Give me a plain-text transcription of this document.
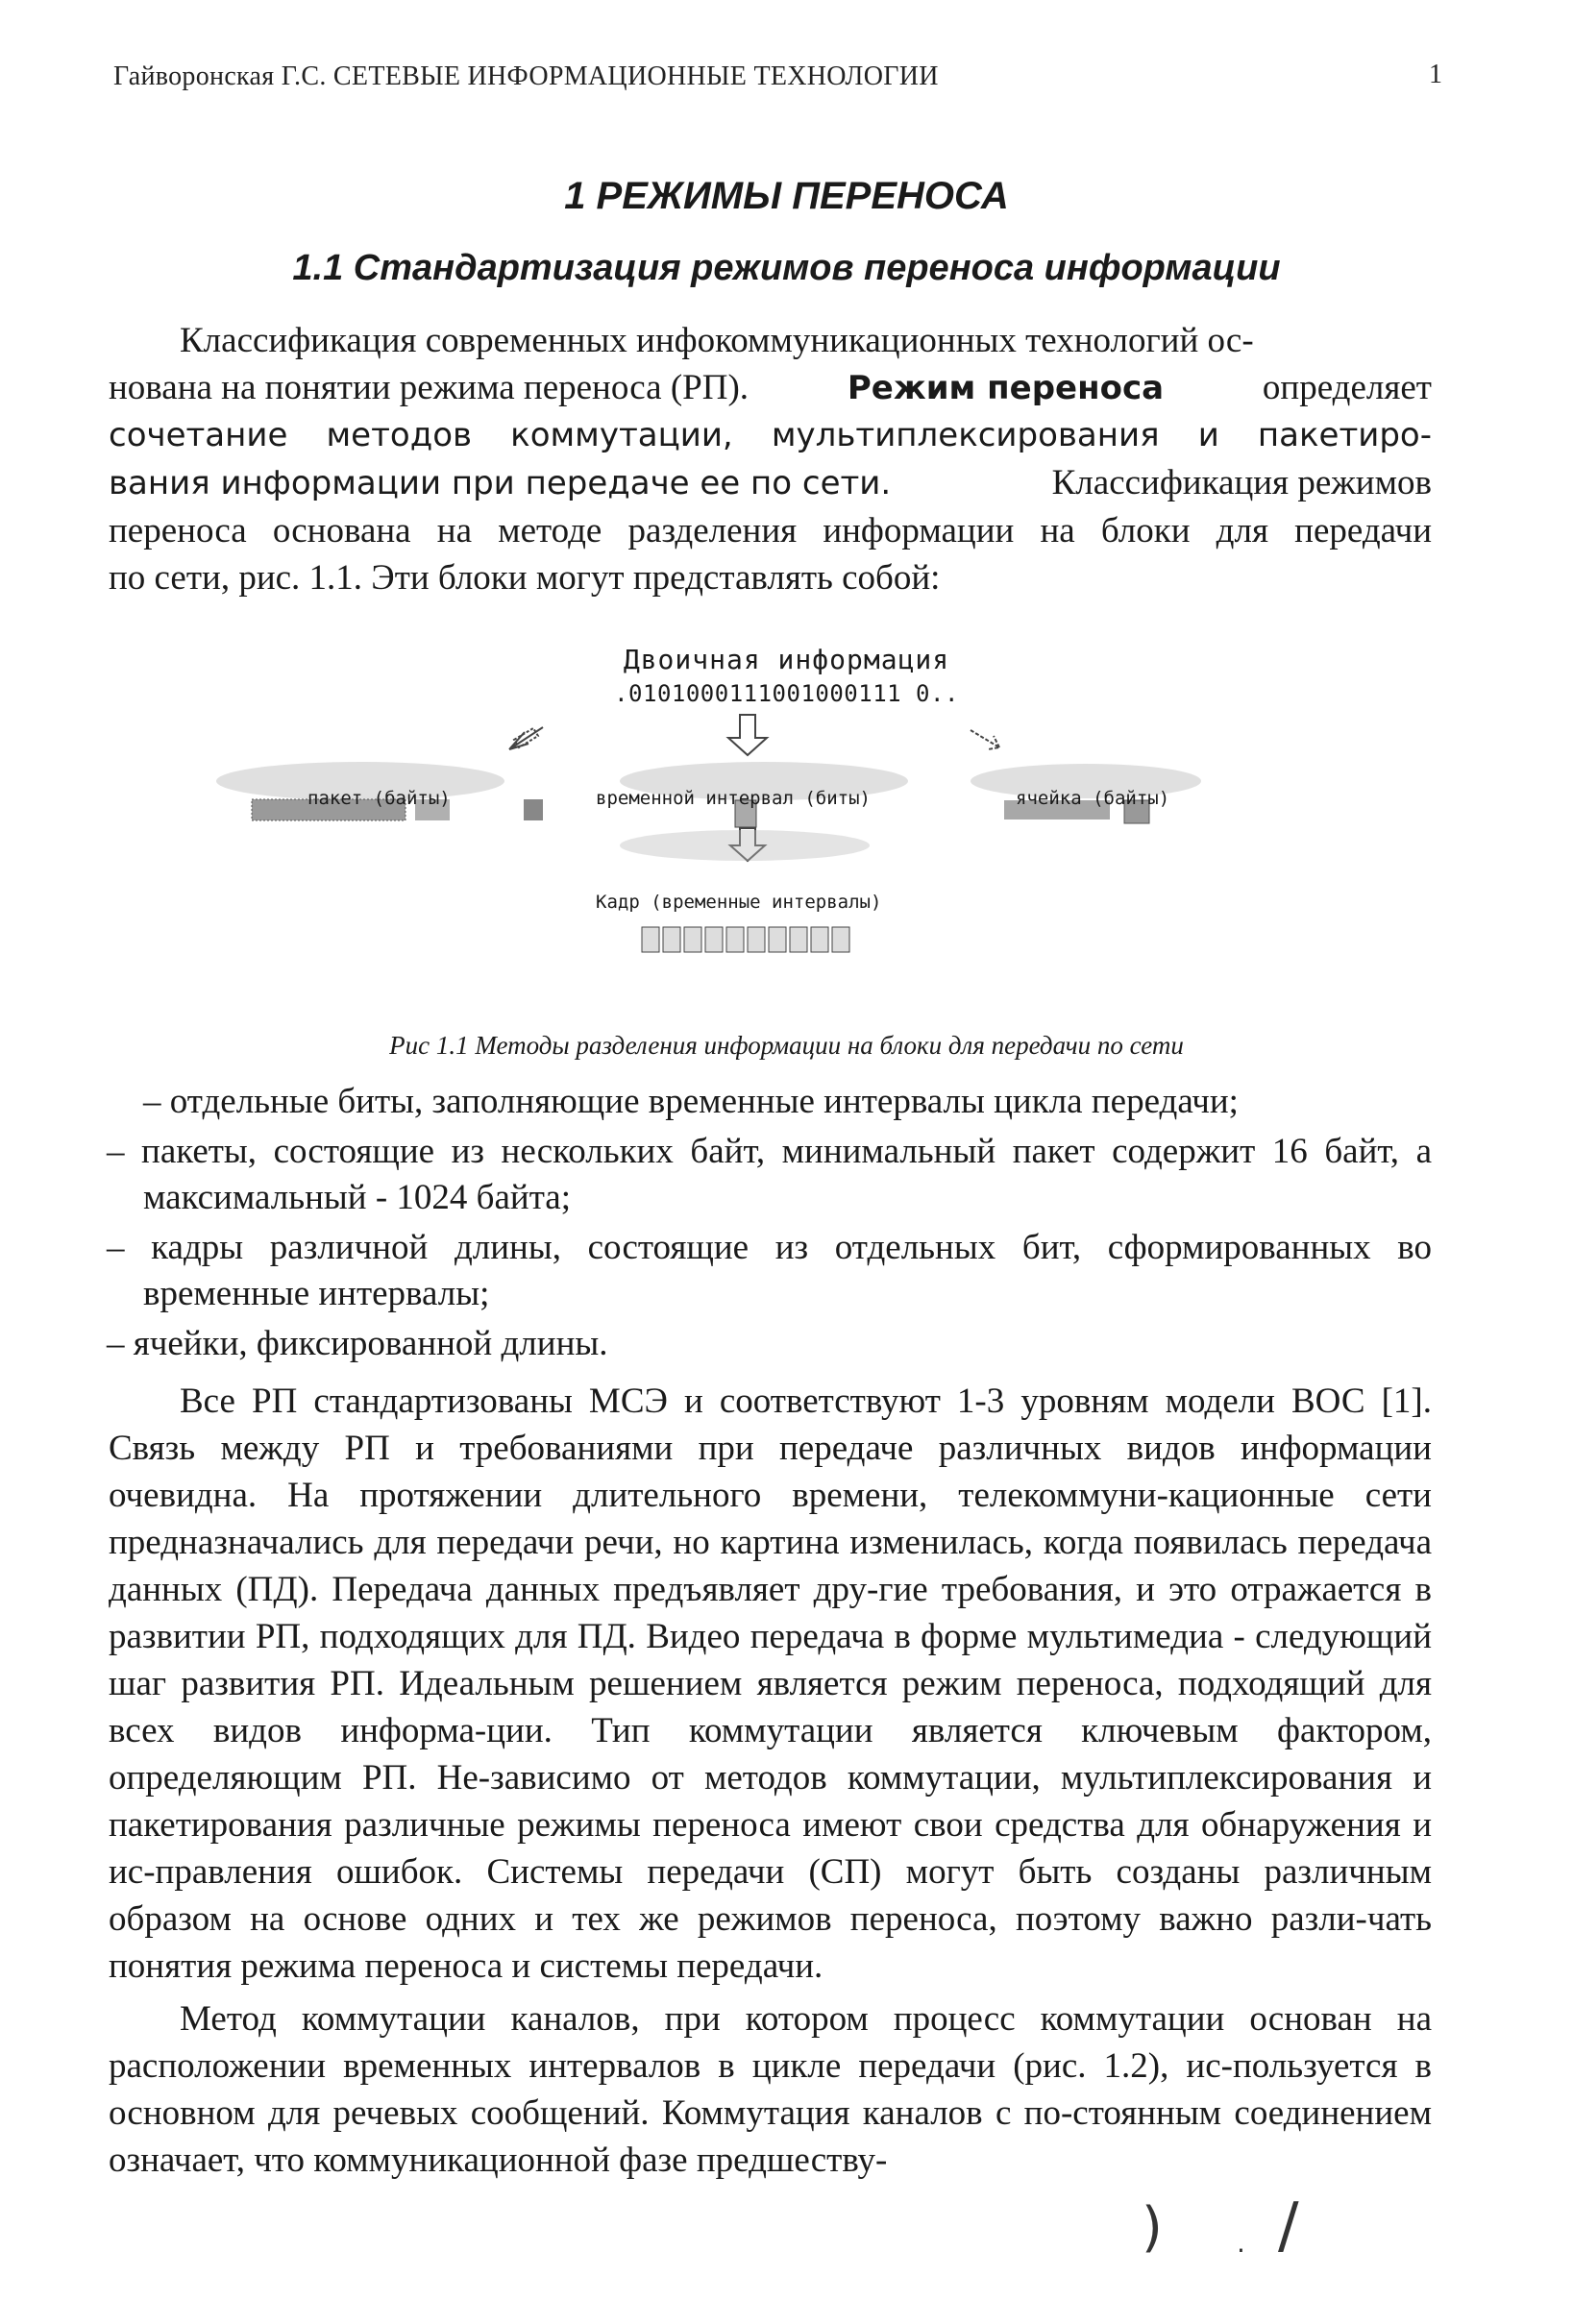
Гайворонская Г.С. СЕТЕВЫЕ ИНФОРМАЦИОННЫЕ ТЕХНОЛОГИИ	1
1 РЕЖИМЫ ПЕРЕНОСА
1.1 Стандартизация режимов переноса информации
Классификация современных инфокоммуникационных технологий ос-
нована на понятии режима переноса (РП).	Режим переноса	определяет
сочетание методов коммутации, мультиплексирования и пакетиро-
вания информации при передаче ее по сети.	Классификация режимов
переноса основана на методе разделения информации на блоки для передачи
по сети, рис. 1.1. Эти блоки могут представлять собой:
Двоичная информация
.0101000111001000111 0..
пакет (байты)	временной интервал (биты)	ячейка (байты)
Кадр (временные интервалы)
Рис 1.1 Методы разделения информации на блоки для передачи по сети
– отдельные биты, заполняющие временные интервалы цикла передачи;
– пакеты, состоящие из нескольких байт, минимальный пакет содержит 16 байт, а максимальный - 1024 байта;
– кадры различной длины, состоящие из отдельных бит, сформированных во временные интервалы;
– ячейки, фиксированной длины.
Все РП стандартизованы МСЭ и соответствуют 1-3 уровням модели ВОС [1]. Связь между РП и требованиями при передаче различных видов информации очевидна. На протяжении длительного времени, телекоммуни-кационные сети предназначались для передачи речи, но картина изменилась, когда появилась передача данных (ПД). Передача данных предъявляет дру-гие требования, и это отражается в развитии РП, подходящих для ПД. Видео передача в форме мультимедиа - следующий шаг развития РП. Идеальным решением является режим переноса, подходящий для всех видов информа-ции. Тип коммутации является ключевым фактором, определяющим РП. Не-зависимо от методов коммутации, мультиплексирования и пакетирования различные режимы переноса имеют свои средства для обнаружения и ис-правления ошибок. Системы передачи (СП) могут быть созданы различным образом на основе одних и тех же режимов переноса, поэтому важно разли-чать понятия режима переноса и системы передачи.
Метод коммутации каналов, при котором процесс коммутации основан на расположении временных интервалов в цикле передачи (рис. 1.2), ис-пользуется в основном для речевых сообщений. Коммутация каналов с по-стоянным соединением означает, что коммуникационной фазе предшеству-
)	. /
